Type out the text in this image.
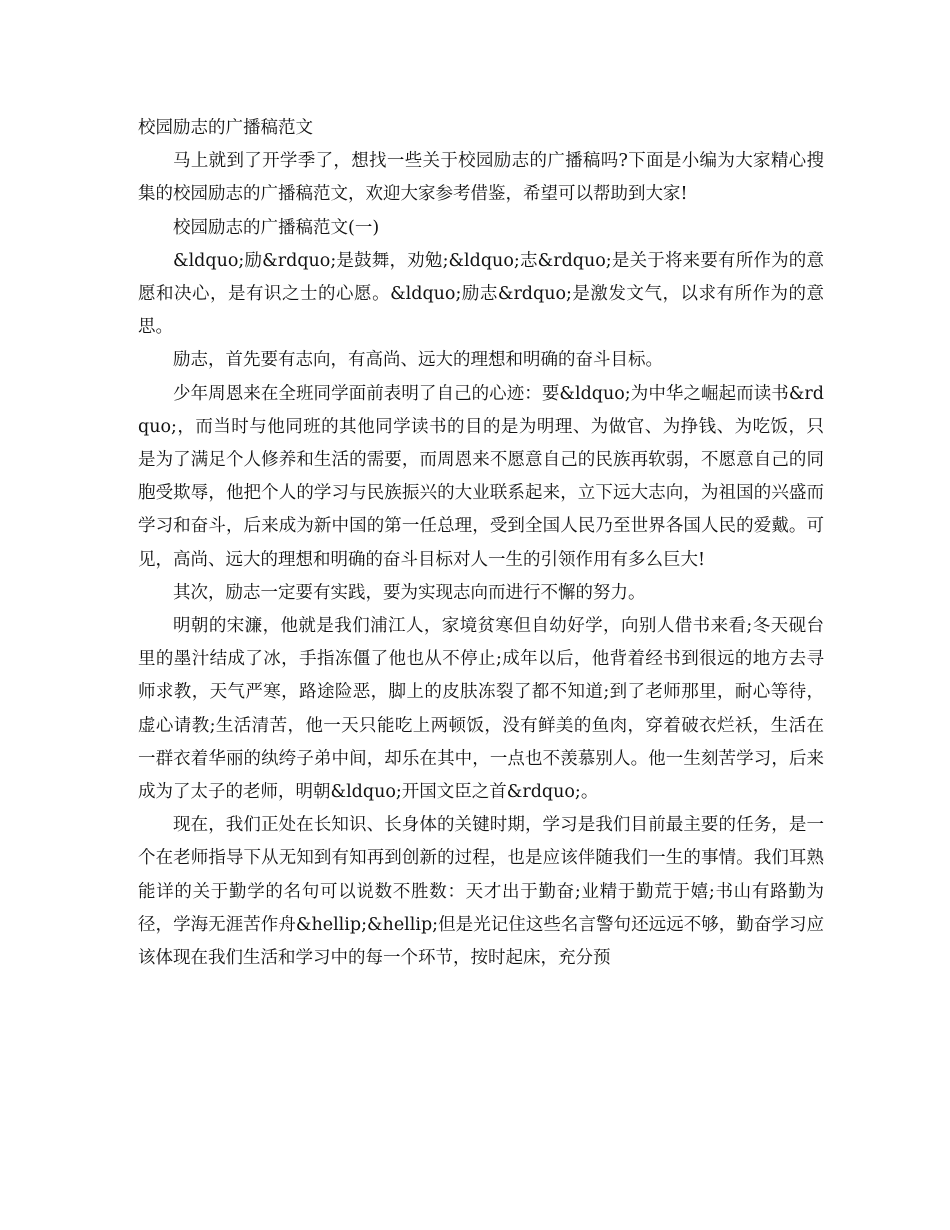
校园励志的广播稿范文

马上就到了开学季了，想找一些关于校园励志的广播稿吗?下面是小编为大家精心搜集的校园励志的广播稿范文，欢迎大家参考借鉴，希望可以帮助到大家!

校园励志的广播稿范文(一)

&ldquo;励&rdquo;是鼓舞，劝勉;&ldquo;志&rdquo;是关于将来要有所作为的意愿和决心，是有识之士的心愿。&ldquo;励志&rdquo;是激发文气，以求有所作为的意思。

励志，首先要有志向，有高尚、远大的理想和明确的奋斗目标。

少年周恩来在全班同学面前表明了自己的心迹：要&ldquo;为中华之崛起而读书&rdquo;，而当时与他同班的其他同学读书的目的是为明理、为做官、为挣钱、为吃饭，只是为了满足个人修养和生活的需要，而周恩来不愿意自己的民族再软弱，不愿意自己的同胞受欺辱，他把个人的学习与民族振兴的大业联系起来，立下远大志向，为祖国的兴盛而学习和奋斗，后来成为新中国的第一任总理，受到全国人民乃至世界各国人民的爱戴。可见，高尚、远大的理想和明确的奋斗目标对人一生的引领作用有多么巨大!

其次，励志一定要有实践，要为实现志向而进行不懈的努力。

明朝的宋濂，他就是我们浦江人，家境贫寒但自幼好学，向别人借书来看;冬天砚台里的墨汁结成了冰，手指冻僵了他也从不停止;成年以后，他背着经书到很远的地方去寻师求教，天气严寒，路途险恶，脚上的皮肤冻裂了都不知道;到了老师那里，耐心等待，虚心请教;生活清苦，他一天只能吃上两顿饭，没有鲜美的鱼肉，穿着破衣烂袄，生活在一群衣着华丽的纨绔子弟中间，却乐在其中，一点也不羡慕别人。他一生刻苦学习，后来成为了太子的老师，明朝&ldquo;开国文臣之首&rdquo;。

现在，我们正处在长知识、长身体的关键时期，学习是我们目前最主要的任务，是一个在老师指导下从无知到有知再到创新的过程，也是应该伴随我们一生的事情。我们耳熟能详的关于勤学的名句可以说数不胜数：天才出于勤奋;业精于勤荒于嬉;书山有路勤为径，学海无涯苦作舟&hellip;&hellip;但是光记住这些名言警句还远远不够，勤奋学习应该体现在我们生活和学习中的每一个环节，按时起床，充分预
